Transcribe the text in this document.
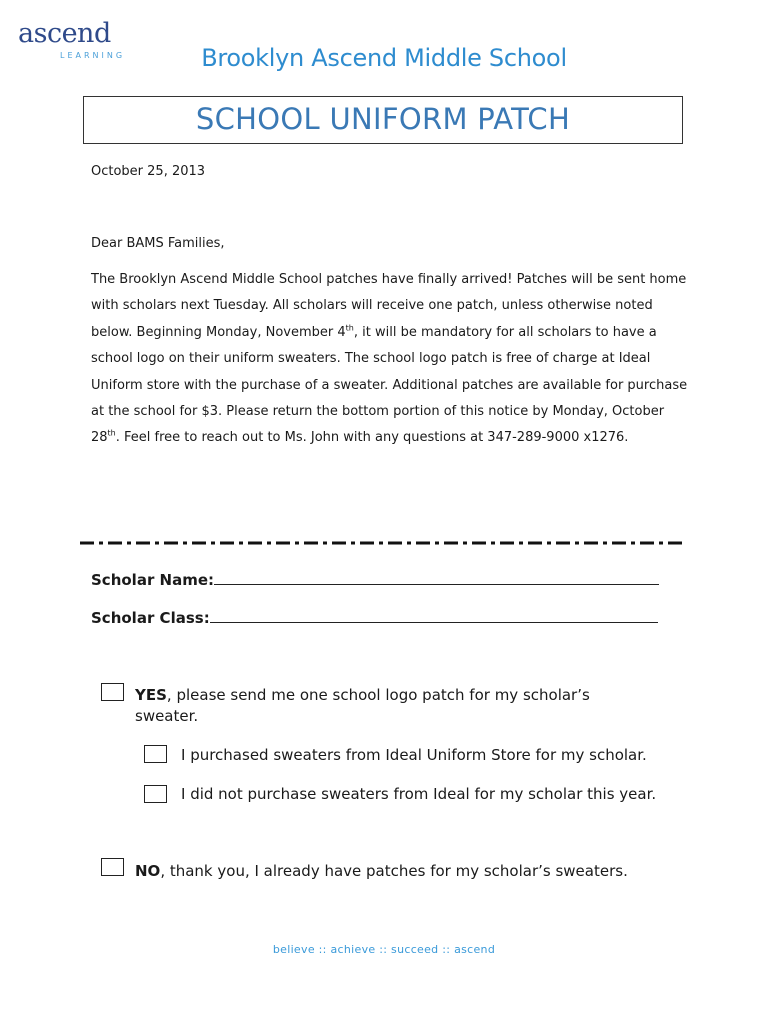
ascend
LEARNING	Brooklyn Ascend Middle School
SCHOOL UNIFORM PATCH
October 25, 2013
Dear BAMS Families,
The Brooklyn Ascend Middle School patches have finally arrived! Patches will be sent home with scholars next Tuesday. All scholars will receive one patch, unless otherwise noted below. Beginning Monday, November 4th, it will be mandatory for all scholars to have a school logo on their uniform sweaters. The school logo patch is free of charge at Ideal Uniform store with the purchase of a sweater. Additional patches are available for purchase at the school for $3. Please return the bottom portion of this notice by Monday, October 28th. Feel free to reach out to Ms. John with any questions at 347-289-9000 x1276.
Scholar Name:
Scholar Class:
YES, please send me one school logo patch for my scholar’s sweater.
I purchased sweaters from Ideal Uniform Store for my scholar.
I did not purchase sweaters from Ideal for my scholar this year.
NO, thank you, I already have patches for my scholar’s sweaters.
believe :: achieve :: succeed :: ascend
